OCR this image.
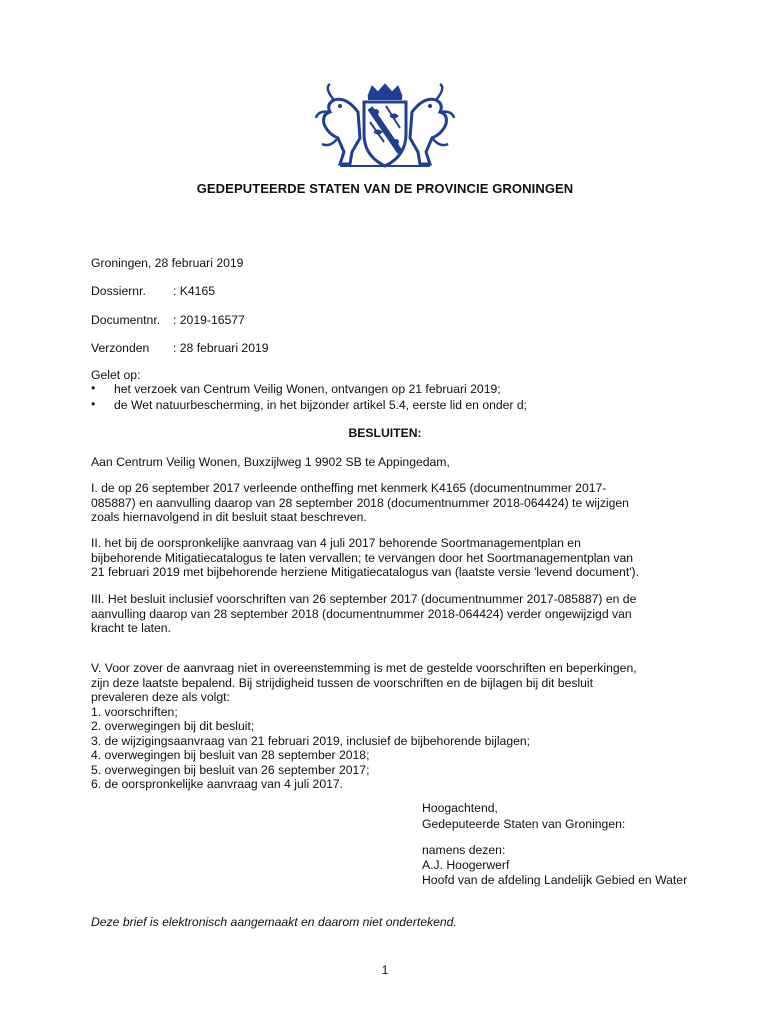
GEDEPUTEERDE STATEN VAN DE PROVINCIE GRONINGEN
Groningen, 28 februari 2019
Dossiernr. : K4165
Documentnr. : 2019-16577
Verzonden : 28 februari 2019
Gelet op:
•	het verzoek van Centrum Veilig Wonen, ontvangen op 21 februari 2019;
•	de Wet natuurbescherming, in het bijzonder artikel 5.4, eerste lid en onder d;
BESLUITEN:
Aan Centrum Veilig Wonen, Buxzijlweg 1 9902 SB te Appingedam,
I. de op 26 september 2017 verleende ontheffing met kenmerk K4165 (documentnummer 2017-
085887) en aanvulling daarop van 28 september 2018 (documentnummer 2018-064424) te wijzigen
zoals hiernavolgend in dit besluit staat beschreven.
II. het bij de oorspronkelijke aanvraag van 4 juli 2017 behorende Soortmanagementplan en
bijbehorende Mitigatiecatalogus te laten vervallen; te vervangen door het Soortmanagementplan van
21 februari 2019 met bijbehorende herziene Mitigatiecatalogus van (laatste versie 'levend document').
III. Het besluit inclusief voorschriften van 26 september 2017 (documentnummer 2017-085887) en de
aanvulling daarop van 28 september 2018 (documentnummer 2018-064424) verder ongewijzigd van
kracht te laten.
V. Voor zover de aanvraag niet in overeenstemming is met de gestelde voorschriften en beperkingen,
zijn deze laatste bepalend. Bij strijdigheid tussen de voorschriften en de bijlagen bij dit besluit
prevaleren deze als volgt:
1. voorschriften;
2. overwegingen bij dit besluit;
3. de wijzigingsaanvraag van 21 februari 2019, inclusief de bijbehorende bijlagen;
4. overwegingen bij besluit van 28 september 2018;
5. overwegingen bij besluit van 26 september 2017;
6. de oorspronkelijke aanvraag van 4 juli 2017.
Hoogachtend,
Gedeputeerde Staten van Groningen:
namens dezen:
A.J. Hoogerwerf
Hoofd van de afdeling Landelijk Gebied en Water
Deze brief is elektronisch aangemaakt en daarom niet ondertekend.
1
